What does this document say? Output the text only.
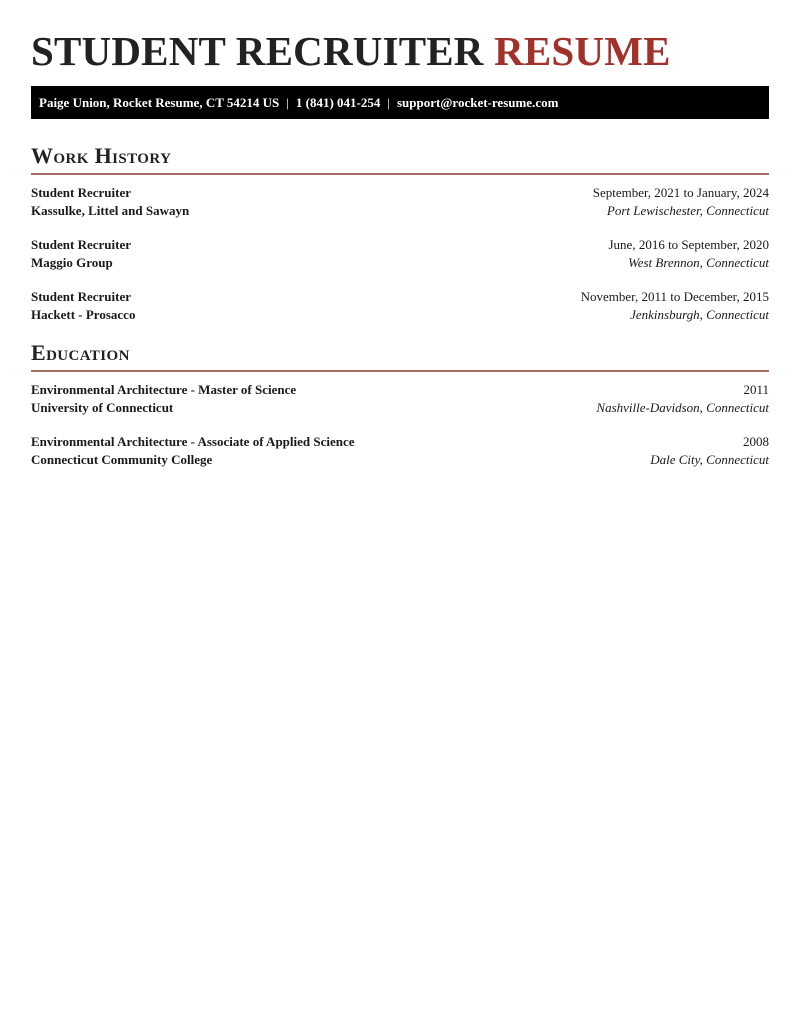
STUDENT RECRUITER RESUME
Paige Union, Rocket Resume, CT 54214 US | 1 (841) 041-254 | support@rocket-resume.com
Work History
Student Recruiter	September, 2021 to January, 2024
Kassulke, Littel and Sawayn	Port Lewischester, Connecticut
Student Recruiter	June, 2016 to September, 2020
Maggio Group	West Brennon, Connecticut
Student Recruiter	November, 2011 to December, 2015
Hackett - Prosacco	Jenkinsburgh, Connecticut
Education
Environmental Architecture - Master of Science	2011
University of Connecticut	Nashville-Davidson, Connecticut
Environmental Architecture - Associate of Applied Science	2008
Connecticut Community College	Dale City, Connecticut
